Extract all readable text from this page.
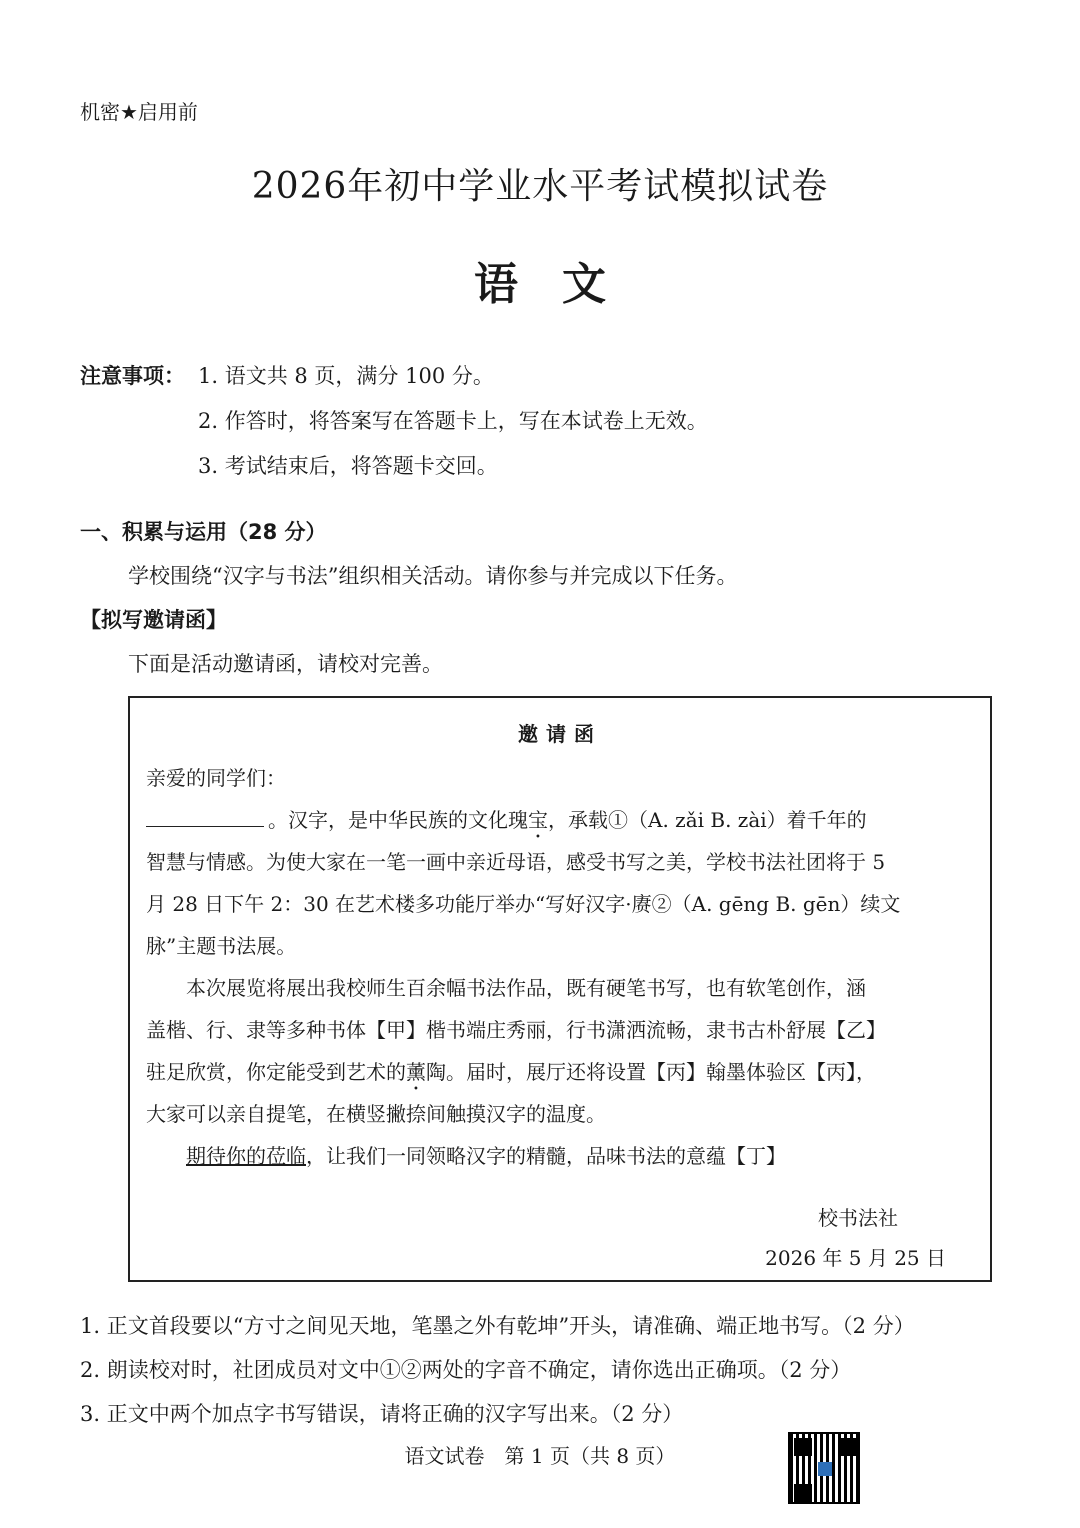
机密★启用前
2026年初中学业水平考试模拟试卷
语　文
注意事项： 1. 语文共 8 页，满分 100 分。
2. 作答时，将答案写在答题卡上，写在本试卷上无效。
3. 考试结束后，将答题卡交回。
一、积累与运用（28 分）
学校围绕“汉字与书法”组织相关活动。请你参与并完成以下任务。
【拟写邀请函】
下面是活动邀请函，请校对完善。
邀请函
亲爱的同学们：
。汉字，是中华民族的文化瑰宝，承载①（A. zǎi B. zài）着千年的
智慧与情感。为使大家在一笔一画中亲近母语，感受书写之美，学校书法社团将于 5
月 28 日下午 2：30 在艺术楼多功能厅举办“写好汉字·赓②（A. gēng B. gēn）续文
脉”主题书法展。
本次展览将展出我校师生百余幅书法作品，既有硬笔书写，也有软笔创作，涵
盖楷、行、隶等多种书体【甲】楷书端庄秀丽，行书潇洒流畅，隶书古朴舒展【乙】
驻足欣赏，你定能受到艺术的薰陶。届时，展厅还将设置【丙】翰墨体验区【丙】，
大家可以亲自提笔，在横竖撇捺间触摸汉字的温度。
期待你的莅临，让我们一同领略汉字的精髓，品味书法的意蕴【丁】
校书法社
2026 年 5 月 25 日
1. 正文首段要以“方寸之间见天地，笔墨之外有乾坤”开头，请准确、端正地书写。（2 分）
2. 朗读校对时，社团成员对文中①②两处的字音不确定，请你选出正确项。（2 分）
3. 正文中两个加点字书写错误，请将正确的汉字写出来。（2 分）
语文试卷　第 1 页（共 8 页）
